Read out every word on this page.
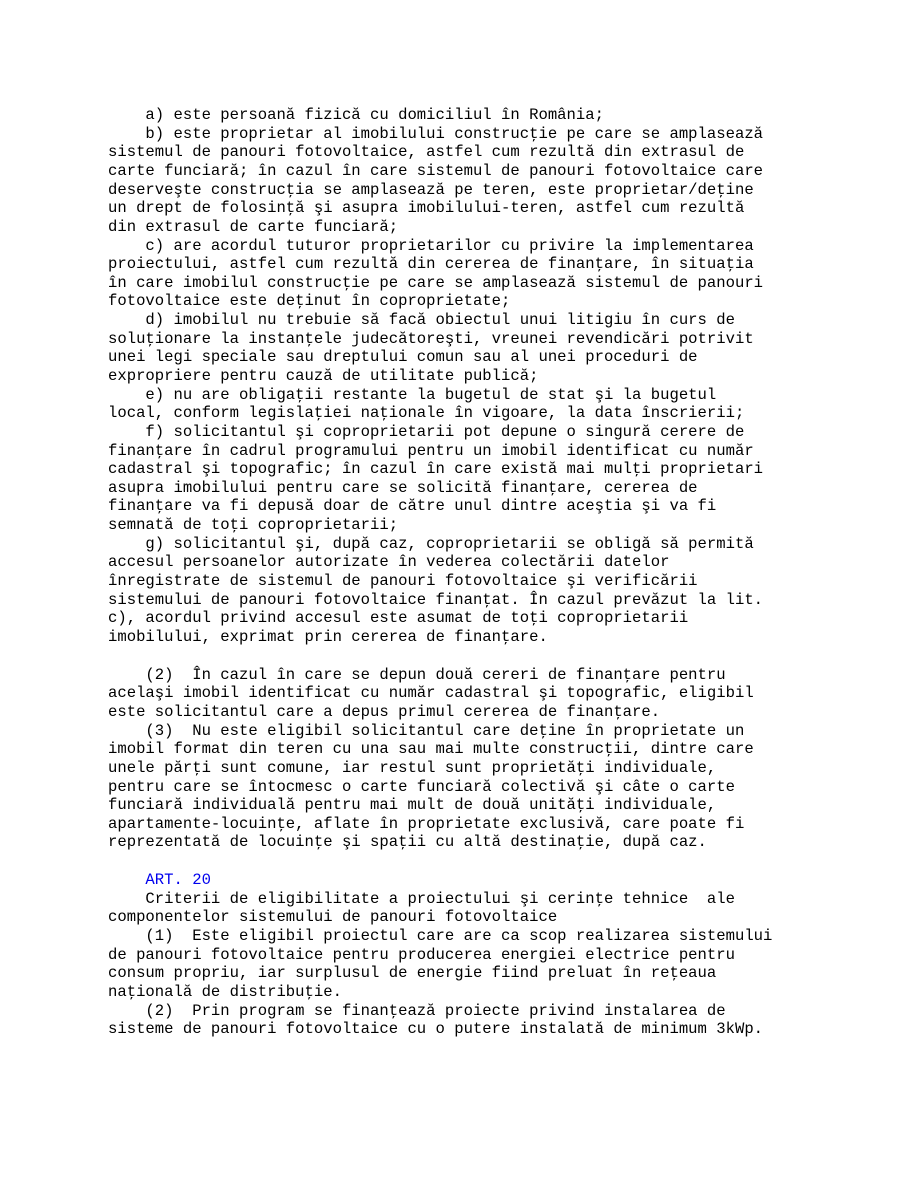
a) este persoană fizică cu domiciliul în România;

b) este proprietar al imobilului construcţie pe care se amplasează

sistemul de panouri fotovoltaice, astfel cum rezultă din extrasul de

carte funciară; în cazul în care sistemul de panouri fotovoltaice care

deserveşte construcţia se amplasează pe teren, este proprietar/deţine

un drept de folosinţă şi asupra imobilului-teren, astfel cum rezultă

din extrasul de carte funciară;

c) are acordul tuturor proprietarilor cu privire la implementarea

proiectului, astfel cum rezultă din cererea de finanţare, în situaţia

în care imobilul construcţie pe care se amplasează sistemul de panouri

fotovoltaice este deţinut în coproprietate;

d) imobilul nu trebuie să facă obiectul unui litigiu în curs de

soluţionare la instanţele judecătoreşti, vreunei revendicări potrivit

unei legi speciale sau dreptului comun sau al unei proceduri de

expropriere pentru cauză de utilitate publică;

e) nu are obligaţii restante la bugetul de stat şi la bugetul

local, conform legislaţiei naţionale în vigoare, la data înscrierii;

f) solicitantul şi coproprietarii pot depune o singură cerere de

finanţare în cadrul programului pentru un imobil identificat cu număr

cadastral şi topografic; în cazul în care există mai mulţi proprietari

asupra imobilului pentru care se solicită finanţare, cererea de

finanţare va fi depusă doar de către unul dintre aceştia şi va fi

semnată de toţi coproprietarii;

g) solicitantul şi, după caz, coproprietarii se obligă să permită

accesul persoanelor autorizate în vederea colectării datelor

înregistrate de sistemul de panouri fotovoltaice şi verificării

sistemului de panouri fotovoltaice finanţat. În cazul prevăzut la lit.

c), acordul privind accesul este asumat de toţi coproprietarii

imobilului, exprimat prin cererea de finanţare.

(2)  În cazul în care se depun două cereri de finanţare pentru

acelaşi imobil identificat cu număr cadastral şi topografic, eligibil

este solicitantul care a depus primul cererea de finanţare.

(3)  Nu este eligibil solicitantul care deţine în proprietate un

imobil format din teren cu una sau mai multe construcţii, dintre care

unele părţi sunt comune, iar restul sunt proprietăţi individuale,

pentru care se întocmesc o carte funciară colectivă şi câte o carte

funciară individuală pentru mai mult de două unităţi individuale,

apartamente-locuinţe, aflate în proprietate exclusivă, care poate fi

reprezentată de locuinţe şi spaţii cu altă destinaţie, după caz.

ART. 20

Criterii de eligibilitate a proiectului şi cerinţe tehnice  ale

componentelor sistemului de panouri fotovoltaice

(1)  Este eligibil proiectul care are ca scop realizarea sistemului

de panouri fotovoltaice pentru producerea energiei electrice pentru

consum propriu, iar surplusul de energie fiind preluat în reţeaua

naţională de distribuţie.

(2)  Prin program se finanţează proiecte privind instalarea de

sisteme de panouri fotovoltaice cu o putere instalată de minimum 3kWp.
